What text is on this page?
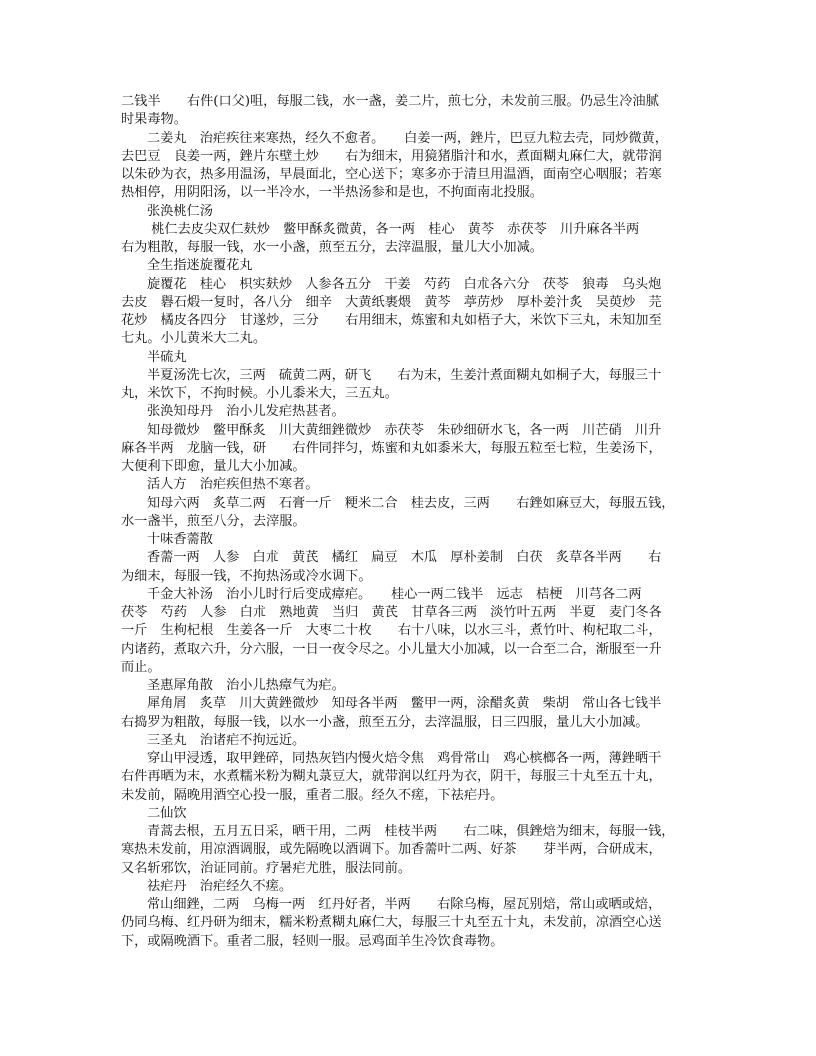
二钱半　　右件(口父)咀，每服二钱，水一盏，姜二片，煎七分，未发前三服。仍忌生冷油腻
时果毒物。
二姜丸　治疟疾往来寒热，经久不愈者。　　白姜一两，銼片，巴豆九粒去壳，同炒微黄，
去巴豆　良姜一两，銼片东壁土炒　　右为细末，用獍猪脂汁和水，煮面糊丸麻仁大，就带润
以朱砂为衣，热多用温汤，早晨面北，空心送下；寒多亦于清旦用温酒，面南空心咽服；若寒
热相停，用阴阳汤，以一半冷水，一半热汤参和是也，不拘面南北投服。
张涣桃仁汤
桃仁去皮尖双仁麸炒　鳖甲酥炙微黄，各一两　桂心　黄芩　赤茯苓　川升麻各半两
右为粗散，每服一钱，水一小盏，煎至五分，去滓温服，量儿大小加减。
全生指迷旋覆花丸
旋覆花　桂心　枳实麸炒　人参各五分　干姜　芍药　白朮各六分　茯苓　狼毒　乌头炮
去皮　礜石煅一复时，各八分　细辛　大黄纸裹煨　黄芩　葶苈炒　厚朴姜汁炙　吴萸炒　芫
花炒　橘皮各四分　甘遂炒，三分　　右用细末，炼蜜和丸如梧子大，米饮下三丸，未知加至
七丸。小儿黄米大二丸。
半硫丸
半夏汤洗七次，三两　硫黄二两，研飞　　右为末，生姜汁煮面糊丸如桐子大，每服三十
丸，米饮下，不拘时候。小儿黍米大，三五丸。
张涣知母丹　治小儿发疟热甚者。
知母微炒　鳖甲酥炙　川大黄细銼微炒　赤茯苓　朱砂细研水飞，各一两　川芒硝　川升
麻各半两　龙脑一钱，研　　右件同拌匀，炼蜜和丸如黍米大，每服五粒至七粒，生姜汤下，
大便利下即愈，量儿大小加减。
活人方　治疟疾但热不寒者。
知母六两　炙草二两　石膏一斤　粳米二合　桂去皮，三两　　右銼如麻豆大，每服五钱，
水一盏半，煎至八分，去滓服。
十味香薷散
香薷一两　人参　白朮　黄芪　橘红　扁豆　木瓜　厚朴姜制　白茯　炙草各半两　　右
为细末，每服一钱，不拘热汤或冷水调下。
千金大补汤　治小儿时行后变成瘴疟。　　桂心一两二钱半　远志　桔梗　川芎各二两
茯苓　芍药　人参　白朮　熟地黄　当归　黄芪　甘草各三两　淡竹叶五两　半夏　麦门冬各
一斤　生枸杞根　生姜各一斤　大枣二十枚　　右十八味，以水三斗，煮竹叶、枸杞取二斗，
内诸药，煮取六升，分六服，一日一夜令尽之。小儿量大小加减，以一合至二合，渐服至一升
而止。
圣惠犀角散　治小儿热瘴气为疟。
犀角屑　炙草　川大黄銼微炒　知母各半两　鳖甲一两，涂醋炙黄　柴胡　常山各七钱半
右捣罗为粗散，每服一钱，以水一小盏，煎至五分，去滓温服，日三四服，量儿大小加减。
三圣丸　治诸疟不拘远近。
穿山甲浸透，取甲銼碎，同热灰铛内慢火焙令焦　鸡骨常山　鸡心槟榔各一两，薄銼晒干
右件再晒为末，水煮糯米粉为糊丸菉豆大，就带润以红丹为衣，阴干，每服三十丸至五十丸，
未发前，隔晚用酒空心投一服，重者二服。经久不瘥，下祛疟丹。
二仙饮
青蒿去根，五月五日采，晒干用，二两　桂枝半两　　右二味，俱銼焙为细末，每服一钱，
寒热未发前，用凉酒调服，或先隔晚以酒调下。加香薷叶二两、好茶　　芽半两，合研成末，
又名斩邪饮，治证同前。疗暑疟尤胜，服法同前。
祛疟丹　治疟经久不瘥。
常山细銼，二两　乌梅一两　红丹好者，半两　　右除乌梅，屋瓦别焙，常山或晒或焙，
仍同乌梅、红丹研为细末，糯米粉煮糊丸麻仁大，每服三十丸至五十丸，未发前，凉酒空心送
下，或隔晚酒下。重者二服，轻则一服。忌鸡面羊生冷饮食毒物。
